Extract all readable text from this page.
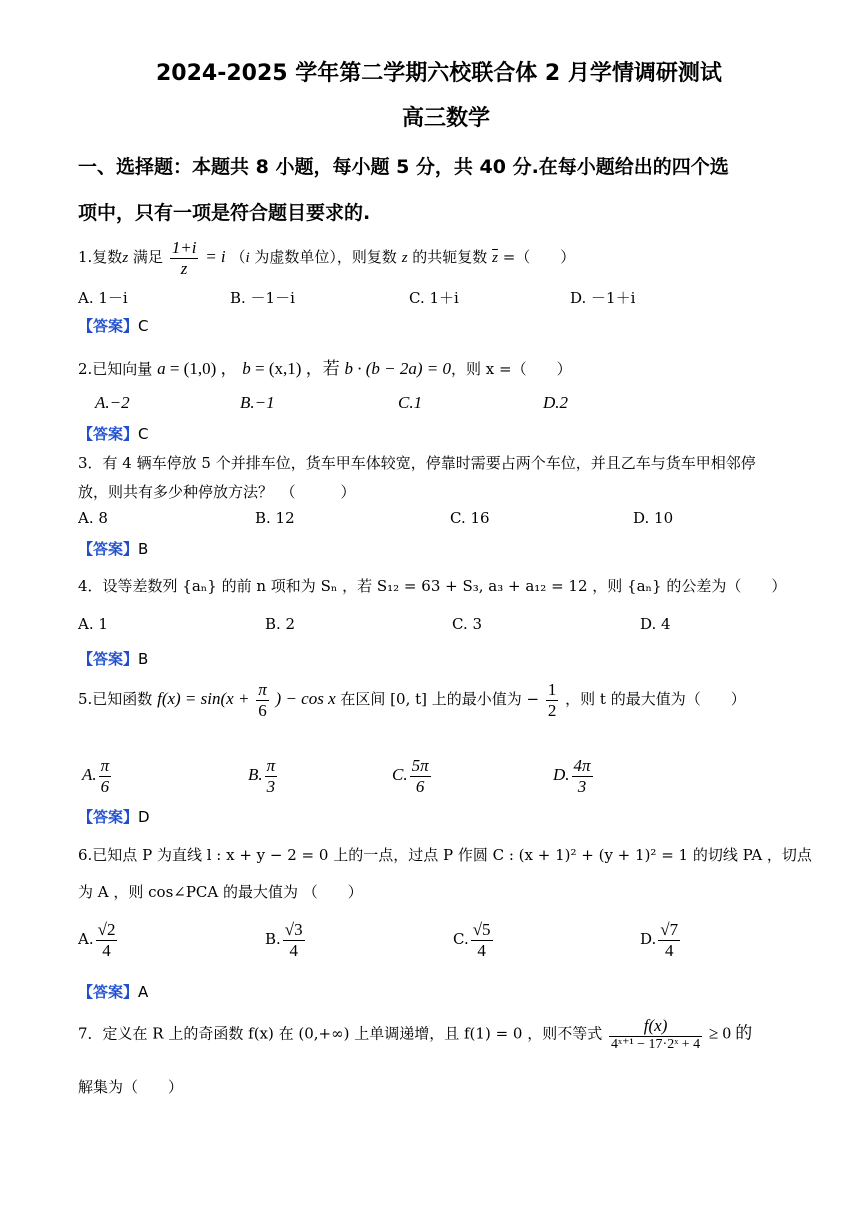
2024-2025 学年第二学期六校联合体 2 月学情调研测试
高三数学
一、选择题：本题共 8 小题，每小题 5 分，共 40 分.在每小题给出的四个选
项中，只有一项是符合题目要求的.
1.复数z 满足 $\frac{1+i}{z} = i$ （i 为虚数单位），则复数 z 的共轭复数 $\overline{z}$ =（　　）
A. 1－i	B. －1－i	C. 1＋i	D. －1＋i
【答案】C
2.已知向量 a = (1,0) ， b = (x,1) ，若 b · (b − 2a) = 0，则 x =（　　）
A.−2	B.−1	C.1	D.2
【答案】C
3．有 4 辆车停放 5 个并排车位，货车甲车体较宽，停靠时需要占两个车位，并且乙车与货车甲相邻停
放，则共有多少种停放方法？　（　　　）
A. 8	B. 12	C. 16	D. 10
【答案】B
4．设等差数列 {aₙ} 的前 n 项和为 Sₙ ，若 S₁₂ = 63 + S₃, a₃ + a₁₂ = 12 ，则 {aₙ} 的公差为（　　）
A. 1	B. 2	C. 3	D. 4
【答案】B
5.已知函数 $f(x) = \sin(x + \frac{\pi}{6}$ ) − cos x 在区间 [0, t] 上的最小值为 − $\frac{1}{2}$ ，则 t 的最大值为（　　）
A. $\frac{\pi}{6}$	B. $\frac{\pi}{3}$	C. $\frac{5\pi}{6}$	D. $\frac{4\pi}{3}$
【答案】D
6.已知点 P 为直线 l : x + y − 2 = 0 上的一点，过点 P 作圆 C : (x + 1)² + (y + 1)² = 1 的切线 PA ，切点
为 A ，则 cos∠PCA 的最大值为 （　　）
A. $\frac{√2}{4}$	B. $\frac{√3}{4}$	C. $\frac{√5}{4}$	D. $\frac{√7}{4}$
【答案】A
7．定义在 R 上的奇函数 f(x) 在 (0,+∞) 上单调递增，且 f(1) = 0 ，则不等式 $\frac{f(x)}{\text{4ˣ⁺¹ − 17·2ˣ + 4}} \ge 0$ 的
解集为（　　）
